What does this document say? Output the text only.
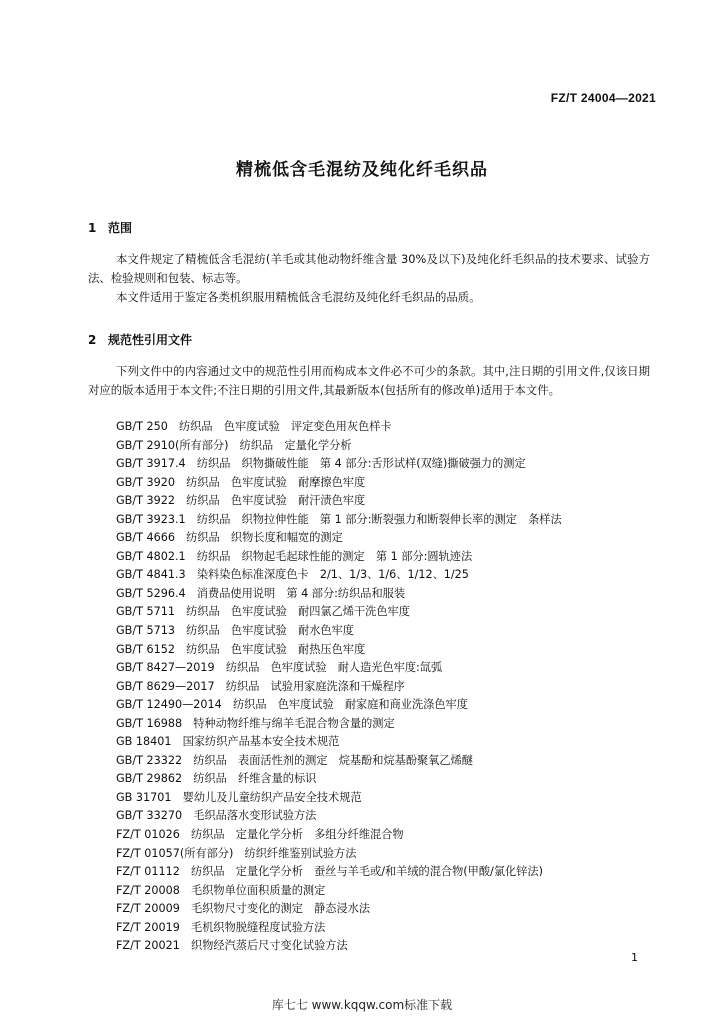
FZ/T 24004—2021
精梳低含毛混纺及纯化纤毛织品
1 范围
本文件规定了精梳低含毛混纺(羊毛或其他动物纤维含量 30%及以下)及纯化纤毛织品的技术要求、试验方法、检验规则和包装、标志等。
本文件适用于鉴定各类机织服用精梳低含毛混纺及纯化纤毛织品的品质。
2 规范性引用文件
下列文件中的内容通过文中的规范性引用而构成本文件必不可少的条款。其中,注日期的引用文件,仅该日期对应的版本适用于本文件;不注日期的引用文件,其最新版本(包括所有的修改单)适用于本文件。
GB/T 250　纺织品　色牢度试验　评定变色用灰色样卡
GB/T 2910(所有部分)　纺织品　定量化学分析
GB/T 3917.4　纺织品　织物撕破性能　第 4 部分:舌形试样(双缝)撕破强力的测定
GB/T 3920　纺织品　色牢度试验　耐摩擦色牢度
GB/T 3922　纺织品　色牢度试验　耐汗渍色牢度
GB/T 3923.1　纺织品　织物拉伸性能　第 1 部分:断裂强力和断裂伸长率的测定　条样法
GB/T 4666　纺织品　织物长度和幅宽的测定
GB/T 4802.1　纺织品　织物起毛起球性能的测定　第 1 部分:圆轨迹法
GB/T 4841.3　染料染色标准深度色卡　2/1、1/3、1/6、1/12、1/25
GB/T 5296.4　消费品使用说明　第 4 部分:纺织品和服装
GB/T 5711　纺织品　色牢度试验　耐四氯乙烯干洗色牢度
GB/T 5713　纺织品　色牢度试验　耐水色牢度
GB/T 6152　纺织品　色牢度试验　耐热压色牢度
GB/T 8427—2019　纺织品　色牢度试验　耐人造光色牢度:氙弧
GB/T 8629—2017　纺织品　试验用家庭洗涤和干燥程序
GB/T 12490—2014　纺织品　色牢度试验　耐家庭和商业洗涤色牢度
GB/T 16988　特种动物纤维与绵羊毛混合物含量的测定
GB 18401　国家纺织产品基本安全技术规范
GB/T 23322　纺织品　表面活性剂的测定　烷基酚和烷基酚聚氧乙烯醚
GB/T 29862　纺织品　纤维含量的标识
GB 31701　婴幼儿及儿童纺织产品安全技术规范
GB/T 33270　毛织品落水变形试验方法
FZ/T 01026　纺织品　定量化学分析　多组分纤维混合物
FZ/T 01057(所有部分)　纺织纤维鉴别试验方法
FZ/T 01112　纺织品　定量化学分析　蚕丝与羊毛或/和羊绒的混合物(甲酸/氯化锌法)
FZ/T 20008　毛织物单位面积质量的测定
FZ/T 20009　毛织物尺寸变化的测定　静态浸水法
FZ/T 20019　毛机织物脱缝程度试验方法
FZ/T 20021　织物经汽蒸后尺寸变化试验方法
1
库七七 www.kqqw.com标准下载
